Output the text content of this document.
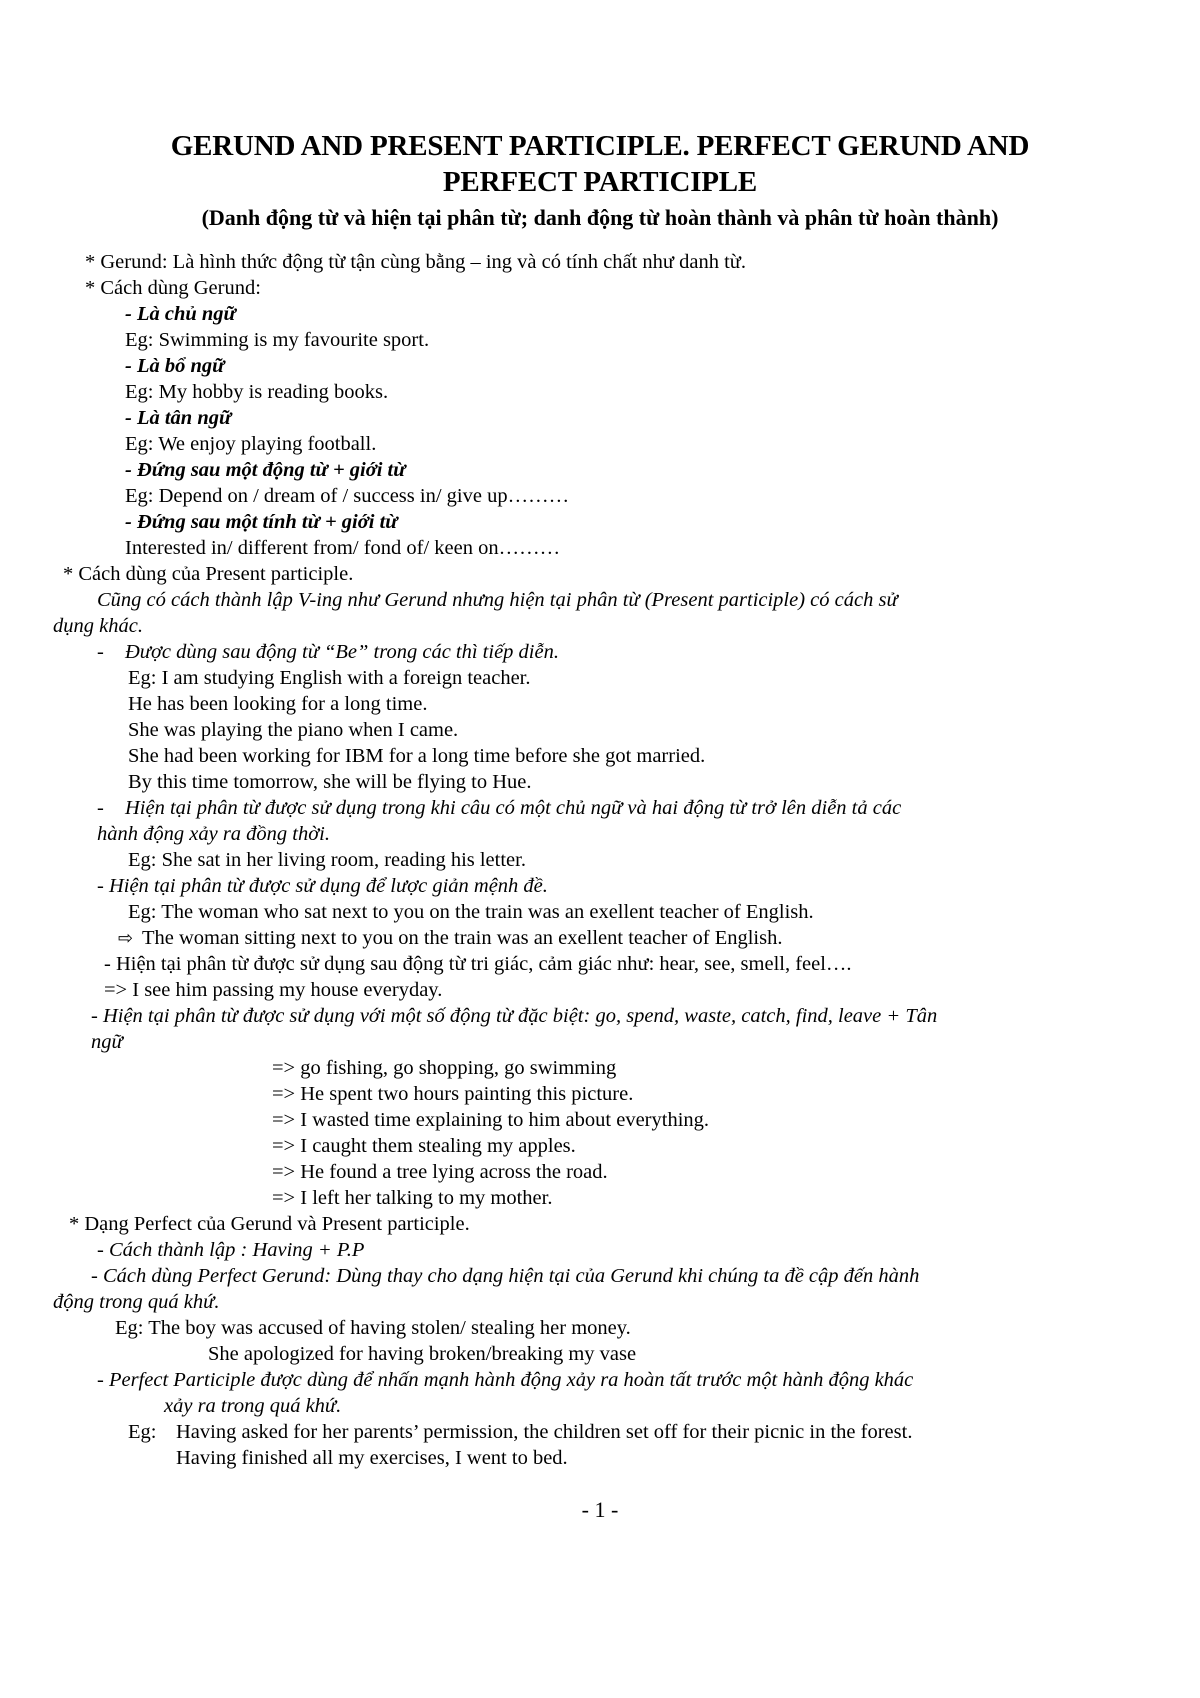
GERUND AND PRESENT PARTICIPLE. PERFECT GERUND AND
PERFECT PARTICIPLE
(Danh động từ và hiện tại phân từ; danh động từ hoàn thành và phân từ hoàn thành)
* Gerund: Là hình thức động từ tận cùng bằng – ing và có tính chất như danh từ.
* Cách dùng Gerund:
- Là chủ ngữ
Eg: Swimming is my favourite sport.
- Là bổ ngữ
Eg: My hobby is reading books.
- Là tân ngữ
Eg: We enjoy playing football.
- Đứng sau một động từ + giới từ
Eg: Depend on / dream of / success in/ give up………
- Đứng sau một tính từ + giới từ
Interested in/ different from/ fond of/ keen on………
* Cách dùng của Present participle.
Cũng có cách thành lập V-ing như Gerund nhưng hiện tại phân từ (Present participle) có cách sử
dụng khác.
- Được dùng sau động từ “Be” trong các thì tiếp diễn.
Eg: I am studying English with a foreign teacher.
He has been looking for a long time.
She was playing the piano when I came.
She had been working for IBM for a long time before she got married.
By this time tomorrow, she will be flying to Hue.
- Hiện tại phân từ được sử dụng trong khi câu có một chủ ngữ và hai động từ trở lên diễn tả các
hành động xảy ra đồng thời.
Eg: She sat in her living room, reading his letter.
- Hiện tại phân từ được sử dụng để lược giản mệnh đề.
Eg: The woman who sat next to you on the train was an exellent teacher of English.
⇨ The woman sitting next to you on the train was an exellent teacher of English.
- Hiện tại phân từ được sử dụng sau động từ tri giác, cảm giác như: hear, see, smell, feel….
=> I see him passing my house everyday.
- Hiện tại phân từ được sử dụng với một số động từ đặc biệt: go, spend, waste, catch, find, leave + Tân
ngữ
=> go fishing, go shopping, go swimming
=> He spent two hours painting this picture.
=> I wasted time explaining to him about everything.
=> I caught them stealing my apples.
=> He found a tree lying across the road.
=> I left her talking to my mother.
* Dạng Perfect của Gerund và Present participle.
- Cách thành lập : Having + P.P
- Cách dùng Perfect Gerund: Dùng thay cho dạng hiện tại của Gerund khi chúng ta đề cập đến hành
động trong quá khứ.
Eg: The boy was accused of having stolen/ stealing her money.
She apologized for having broken/breaking my vase
- Perfect Participle được dùng để nhấn mạnh hành động xảy ra hoàn tất trước một hành động khác
xảy ra trong quá khứ.
Eg: Having asked for her parents’ permission, the children set off for their picnic in the forest.
Having finished all my exercises, I went to bed.
- 1 -
